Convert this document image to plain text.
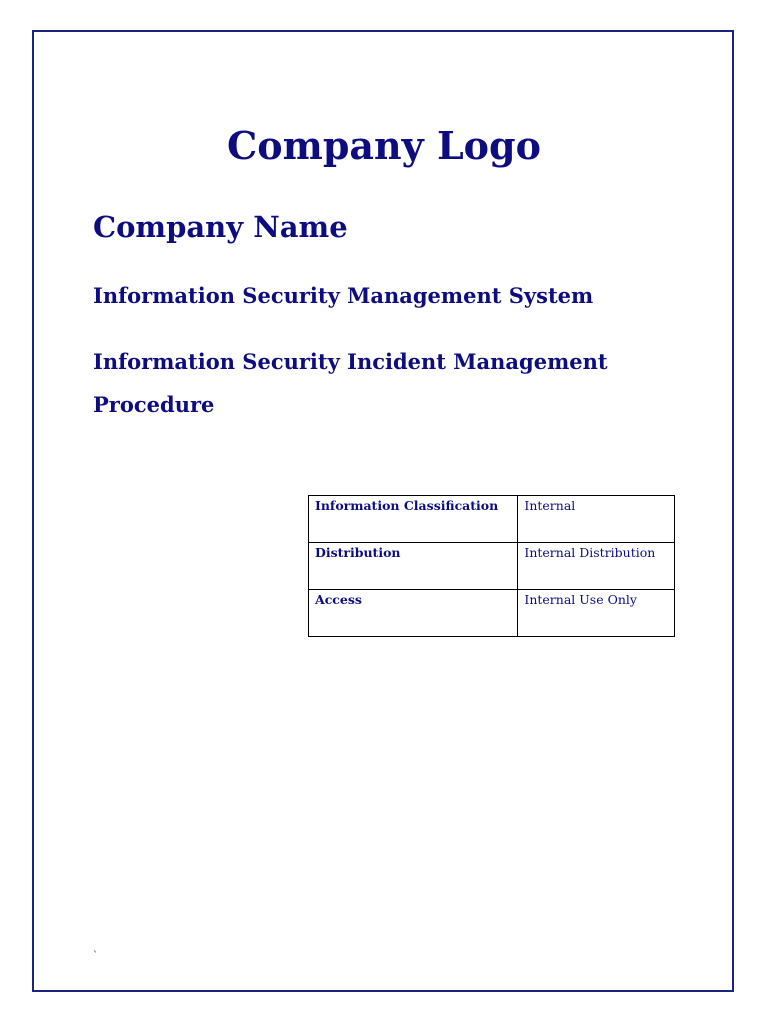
Company Logo
Company Name
Information Security Management System
Information Security Incident Management Procedure
Information Classification	Internal
Distribution	Internal Distribution
Access	Internal Use Only
`
